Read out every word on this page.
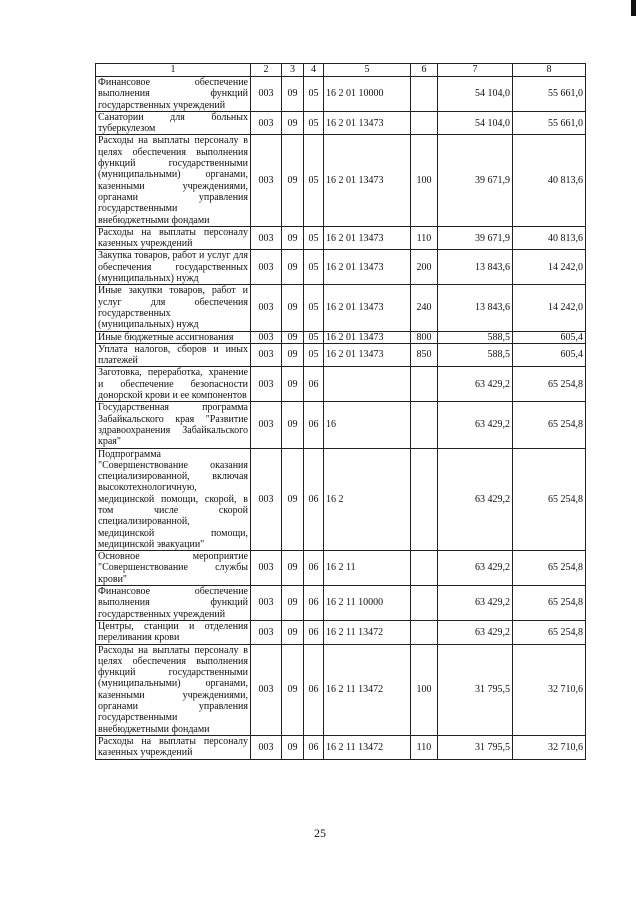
1	2	3	4	5	6	7	8
Финансовое обеспечение выполнения функций государственных учреждений	003	09	05	16 2 01 10000		54 104,0	55 661,0
Санатории для больных туберкулезом	003	09	05	16 2 01 13473		54 104,0	55 661,0
Расходы на выплаты персоналу в целях обеспечения выполнения функций государственными (муниципальными) органами, казенными учреждениями, органами управления государственными внебюджетными фондами	003	09	05	16 2 01 13473	100	39 671,9	40 813,6
Расходы на выплаты персоналу казенных учреждений	003	09	05	16 2 01 13473	110	39 671,9	40 813,6
Закупка товаров, работ и услуг для обеспечения государственных (муниципальных) нужд	003	09	05	16 2 01 13473	200	13 843,6	14 242,0
Иные закупки товаров, работ и услуг для обеспечения государственных (муниципальных) нужд	003	09	05	16 2 01 13473	240	13 843,6	14 242,0
Иные бюджетные ассигнования	003	09	05	16 2 01 13473	800	588,5	605,4
Уплата налогов, сборов и иных платежей	003	09	05	16 2 01 13473	850	588,5	605,4
Заготовка, переработка, хранение и обеспечение безопасности донорской крови и ее компонентов	003	09	06			63 429,2	65 254,8
Государственная программа Забайкальского края "Развитие здравоохранения Забайкальского края"	003	09	06	16		63 429,2	65 254,8
Подпрограмма "Совершенствование оказания специализированной, включая высокотехнологичную, медицинской помощи, скорой, в том числе скорой специализированной, медицинской помощи, медицинской эвакуации"	003	09	06	16 2		63 429,2	65 254,8
Основное мероприятие "Совершенствование службы крови"	003	09	06	16 2 11		63 429,2	65 254,8
Финансовое обеспечение выполнения функций государственных учреждений	003	09	06	16 2 11 10000		63 429,2	65 254,8
Центры, станции и отделения переливания крови	003	09	06	16 2 11 13472		63 429,2	65 254,8
Расходы на выплаты персоналу в целях обеспечения выполнения функций государственными (муниципальными) органами, казенными учреждениями, органами управления государственными внебюджетными фондами	003	09	06	16 2 11 13472	100	31 795,5	32 710,6
Расходы на выплаты персоналу казенных учреждений	003	09	06	16 2 11 13472	110	31 795,5	32 710,6
25
